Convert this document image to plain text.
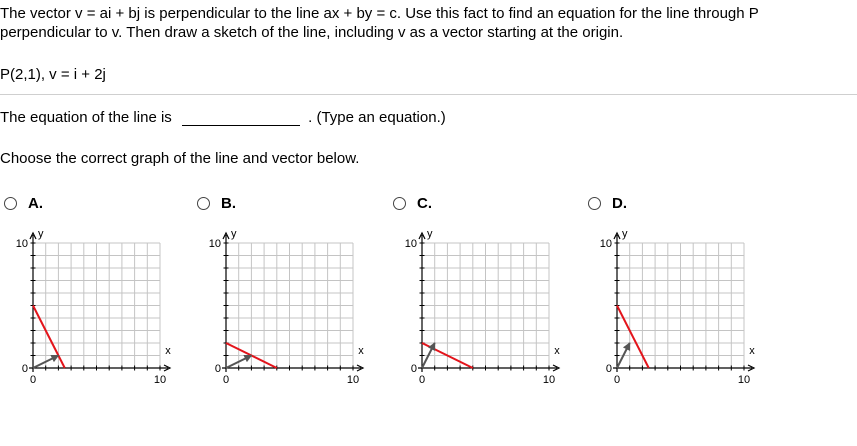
The vector v = ai + bj is perpendicular to the line ax + by = c. Use this fact to find an equation for the line through P
perpendicular to v. Then draw a sketch of the line, including v as a vector starting at the origin.
P(2,1), v = i + 2j
The equation of the line is	. (Type an equation.)
Choose the correct graph of the line and vector below.
A.
y
x
10
0
0	10
B.
y
x
10
0
0	10
C.
y
x
10
0
0	10
D.
y
x
10
0
0	10
